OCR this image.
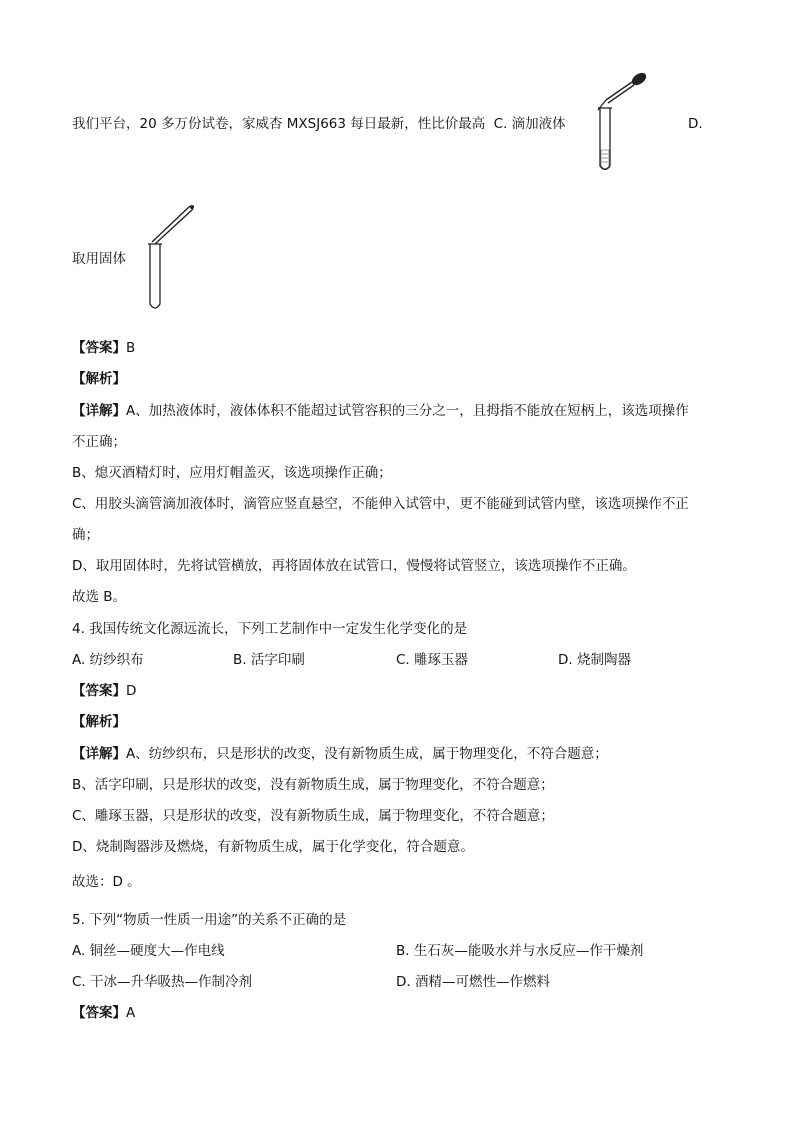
我们平台，20 多万份试卷，家威杏 MXSJ663 每日最新，性比价最高 C. 滴加液体	D.
取用固体
【答案】B
【解析】
【详解】A、加热液体时，液体体积不能超过试管容积的三分之一，且拇指不能放在短柄上，该选项操作
不正确；
B、熄灭酒精灯时，应用灯帽盖灭，该选项操作正确；
C、用胶头滴管滴加液体时，滴管应竖直悬空，不能伸入试管中，更不能碰到试管内壁，该选项操作不正
确；
D、取用固体时，先将试管横放，再将固体放在试管口，慢慢将试管竖立，该选项操作不正确。
故选 B。
4. 我国传统文化源远流长，下列工艺制作中一定发生化学变化的是
A. 纺纱织布	B. 活字印刷	C. 雕琢玉器	D. 烧制陶器
【答案】D
【解析】
【详解】A、纺纱织布，只是形状的改变，没有新物质生成，属于物理变化，不符合题意；
B、活字印刷，只是形状的改变，没有新物质生成，属于物理变化，不符合题意；
C、雕琢玉器，只是形状的改变，没有新物质生成，属于物理变化，不符合题意；
D、烧制陶器涉及燃烧，有新物质生成，属于化学变化，符合题意。
故选：D 。
5. 下列“物质一性质一用途”的关系不正确的是
A. 铜丝—硬度大—作电线	B. 生石灰—能吸水并与水反应—作干燥剂
C. 干冰—升华吸热—作制冷剂	D. 酒精—可燃性—作燃料
【答案】A
